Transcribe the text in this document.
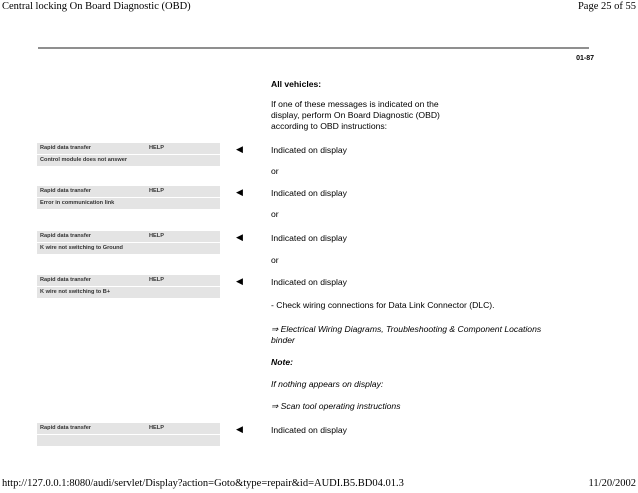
Central locking On Board Diagnostic (OBD)	Page 25 of 55
01-87
All vehicles:
If one of these messages is indicated on the
display, perform On Board Diagnostic (OBD)
according to OBD instructions:
Rapid data transfer	HELP
Control module does not answer
◀	Indicated on display
or
Rapid data transfer	HELP
Error in communication link
◀	Indicated on display
or
Rapid data transfer	HELP
K wire not switching to Ground
◀	Indicated on display
or
Rapid data transfer	HELP
K wire not switching to B+
◀	Indicated on display
- Check wiring connections for Data Link Connector (DLC).
⇒ Electrical Wiring Diagrams, Troubleshooting & Component Locations
binder
Note:
If nothing appears on display:
⇒ Scan tool operating instructions
Rapid data transfer	HELP	◀	Indicated on display
http://127.0.0.1:8080/audi/servlet/Display?action=Goto&type=repair&id=AUDI.B5.BD04.01.3	11/20/2002
